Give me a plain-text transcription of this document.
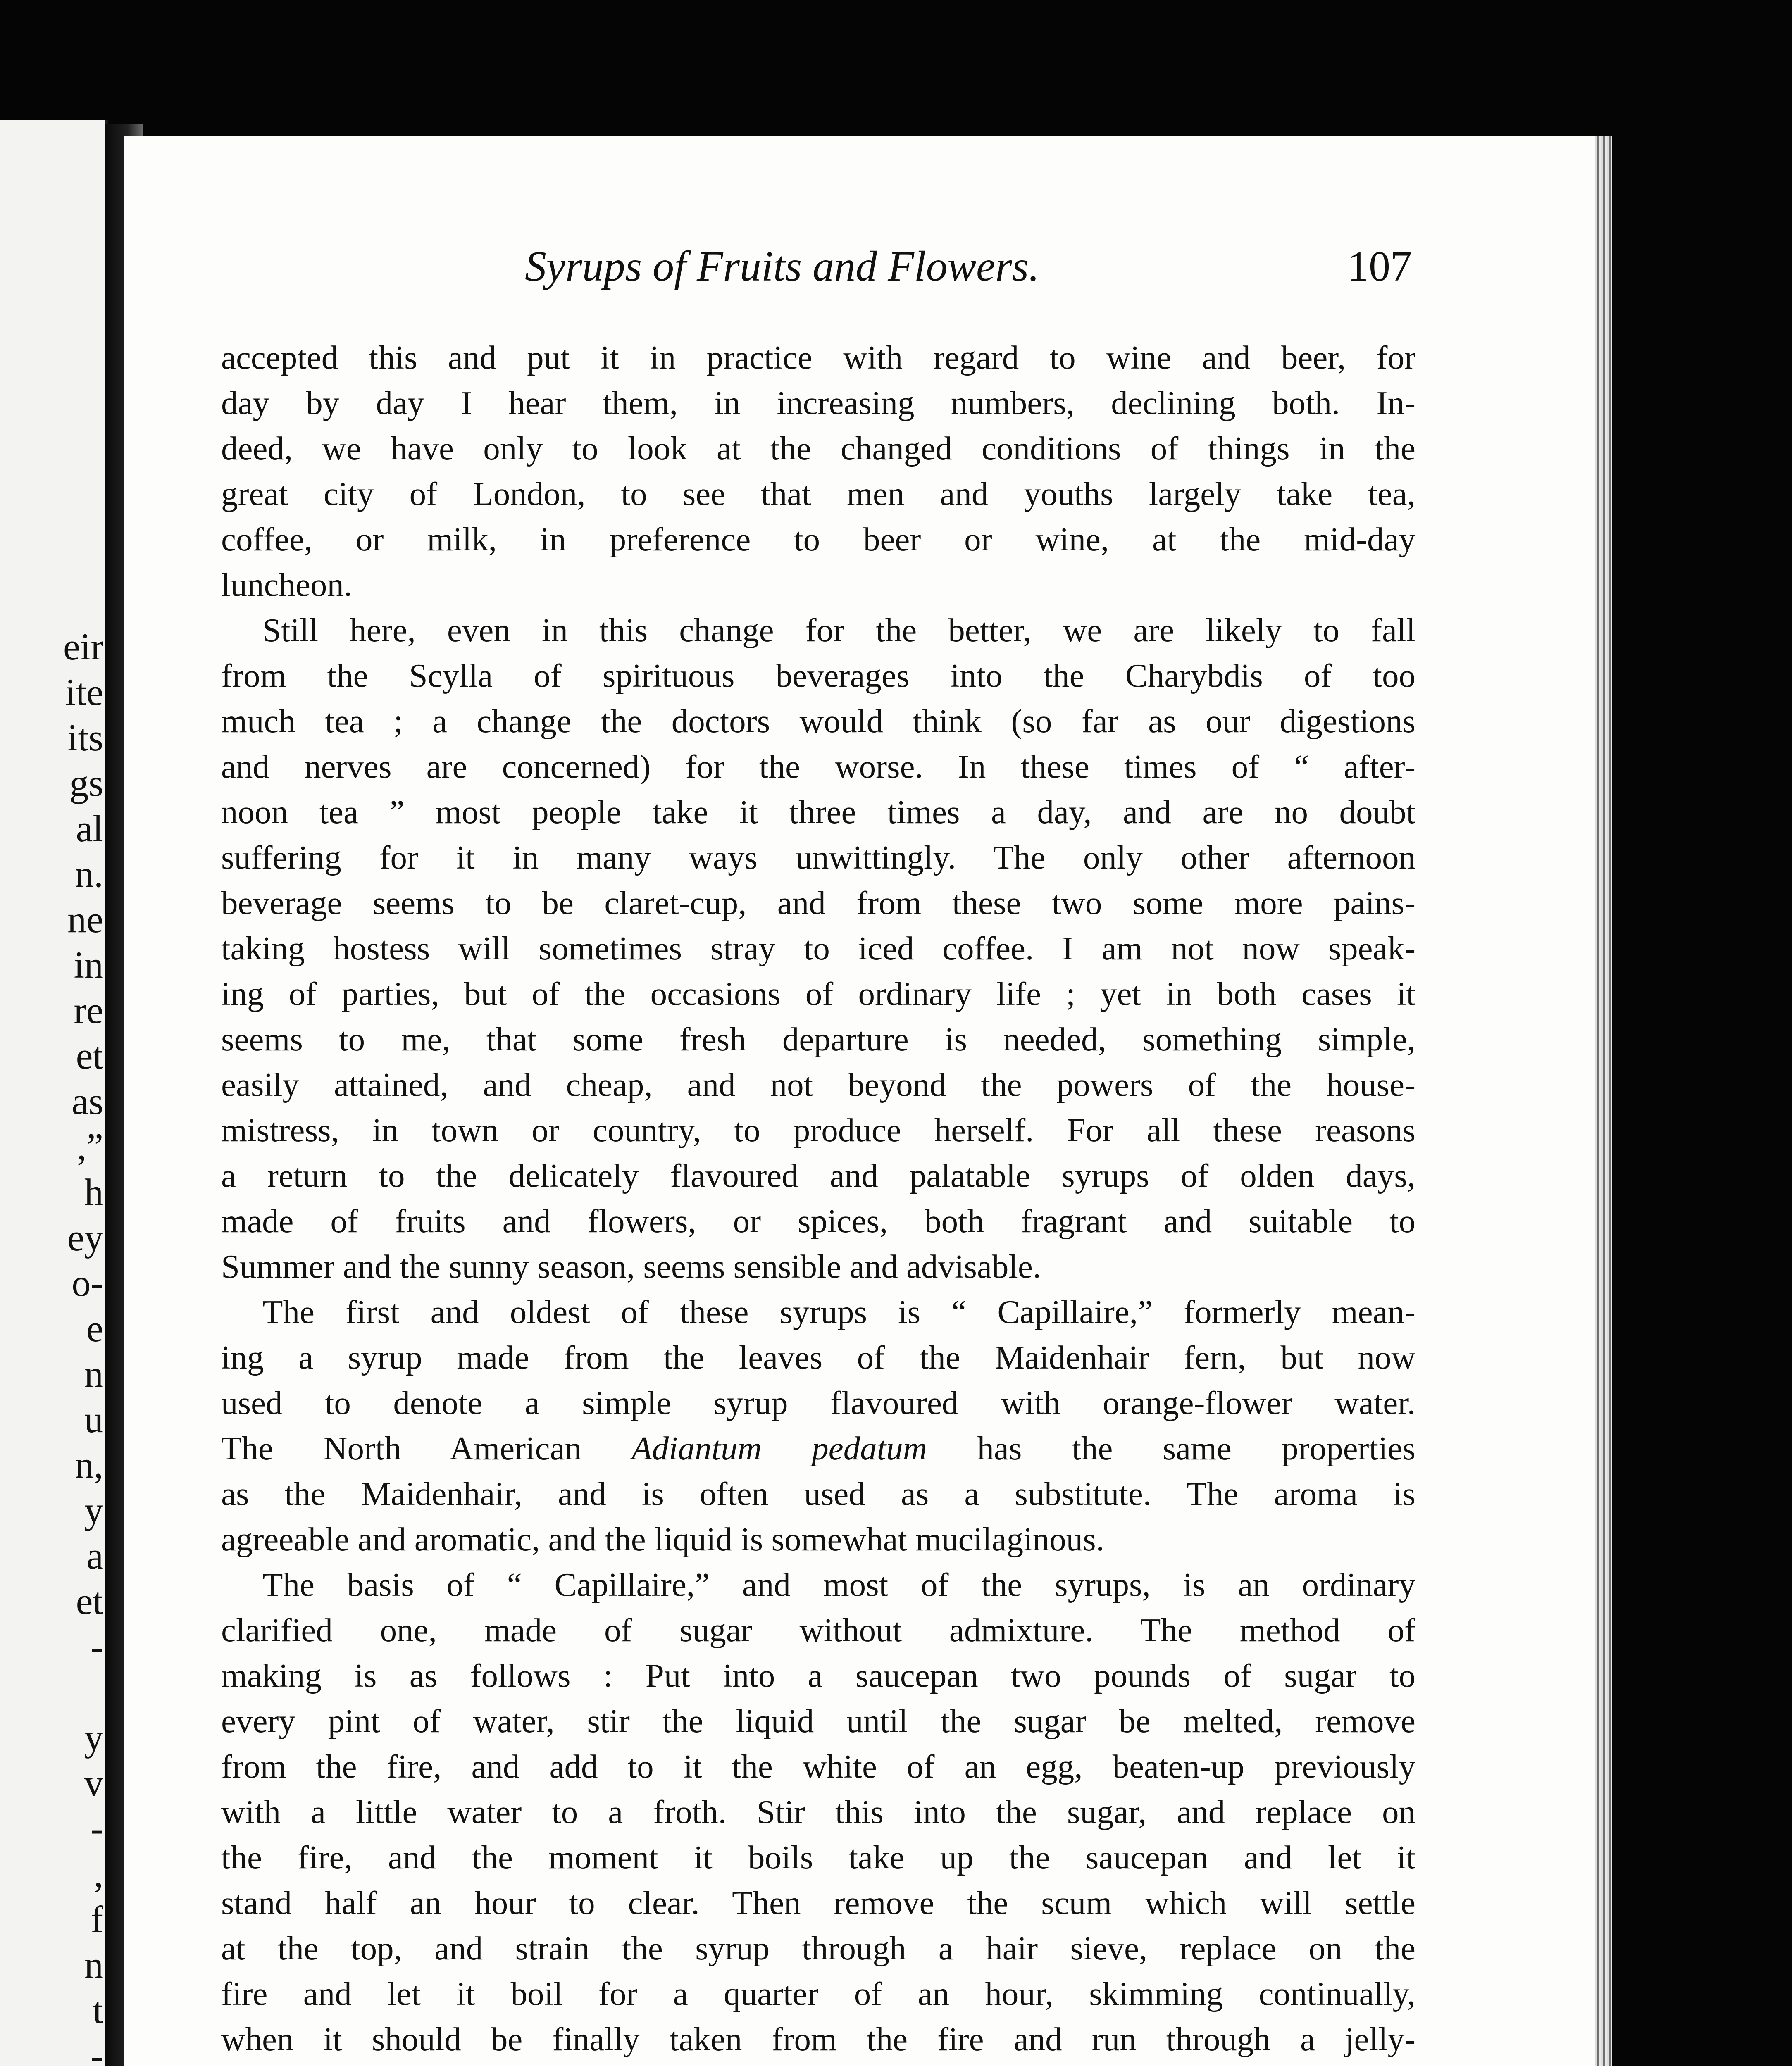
eir
ite
its
gs
al
n.
ne
in
re
et
as
,”
h
ey
o-
e
n
u
n,
y
a
et
-
y
v
-
,
f
n
t
-
Syrups of Fruits and Flowers.	107
accepted this and put it in practice with regard to wine and beer, for
day by day I hear them, in increasing numbers, declining both. In-
deed, we have only to look at the changed conditions of things in the
great city of London, to see that men and youths largely take tea,
coffee, or milk, in preference to beer or wine, at the mid-day
luncheon.
Still here, even in this change for the better, we are likely to fall
from the Scylla of spirituous beverages into the Charybdis of too
much tea ; a change the doctors would think (so far as our digestions
and nerves are concerned) for the worse. In these times of “ after-
noon tea ” most people take it three times a day, and are no doubt
suffering for it in many ways unwittingly. The only other afternoon
beverage seems to be claret-cup, and from these two some more pains-
taking hostess will sometimes stray to iced coffee. I am not now speak-
ing of parties, but of the occasions of ordinary life ; yet in both cases it
seems to me, that some fresh departure is needed, something simple,
easily attained, and cheap, and not beyond the powers of the house-
mistress, in town or country, to produce herself. For all these reasons
a return to the delicately flavoured and palatable syrups of olden days,
made of fruits and flowers, or spices, both fragrant and suitable to
Summer and the sunny season, seems sensible and advisable.
The first and oldest of these syrups is “ Capillaire,” formerly mean-
ing a syrup made from the leaves of the Maidenhair fern, but now
used to denote a simple syrup flavoured with orange-flower water.
The North American Adiantum pedatum has the same properties
as the Maidenhair, and is often used as a substitute. The aroma is
agreeable and aromatic, and the liquid is somewhat mucilaginous.
The basis of “ Capillaire,” and most of the syrups, is an ordinary
clarified one, made of sugar without admixture. The method of
making is as follows : Put into a saucepan two pounds of sugar to
every pint of water, stir the liquid until the sugar be melted, remove
from the fire, and add to it the white of an egg, beaten-up previously
with a little water to a froth. Stir this into the sugar, and replace on
the fire, and the moment it boils take up the saucepan and let it
stand half an hour to clear. Then remove the scum which will settle
at the top, and strain the syrup through a hair sieve, replace on the
fire and let it boil for a quarter of an hour, skimming continually,
when it should be finally taken from the fire and run through a jelly-
